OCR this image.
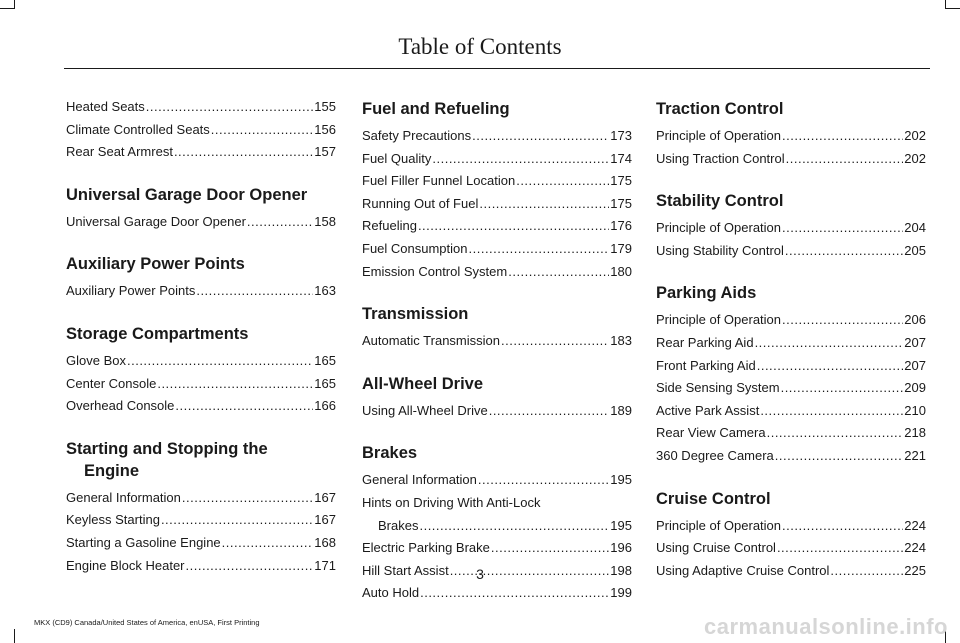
Table of Contents
Heated Seats .....	155
Climate Controlled Seats .....	156
Rear Seat Armrest .....	157
Universal Garage Door Opener
Universal Garage Door Opener .....	158
Auxiliary Power Points
Auxiliary Power Points .....	163
Storage Compartments
Glove Box .....	165
Center Console .....	165
Overhead Console .....	166
Starting and Stopping the
Engine
General Information .....	167
Keyless Starting .....	167
Starting a Gasoline Engine .....	168
Engine Block Heater .....	171
Fuel and Refueling
Safety Precautions .....	173
Fuel Quality .....	174
Fuel Filler Funnel Location .....	175
Running Out of Fuel .....	175
Refueling .....	176
Fuel Consumption .....	179
Emission Control System .....	180
Transmission
Automatic Transmission .....	183
All-Wheel Drive
Using All-Wheel Drive .....	189
Brakes
General Information .....	195
Hints on Driving With Anti-Lock
Brakes .....	195
Electric Parking Brake .....	196
Hill Start Assist .....	198
Auto Hold .....	199
Traction Control
Principle of Operation .....	202
Using Traction Control .....	202
Stability Control
Principle of Operation .....	204
Using Stability Control .....	205
Parking Aids
Principle of Operation .....	206
Rear Parking Aid .....	207
Front Parking Aid .....	207
Side Sensing System .....	209
Active Park Assist .....	210
Rear View Camera .....	218
360 Degree Camera .....	221
Cruise Control
Principle of Operation .....	224
Using Cruise Control .....	224
Using Adaptive Cruise Control .....	225
3
MKX (CD9) Canada/United States of America, enUSA, First Printing	carmanualsonline.info
